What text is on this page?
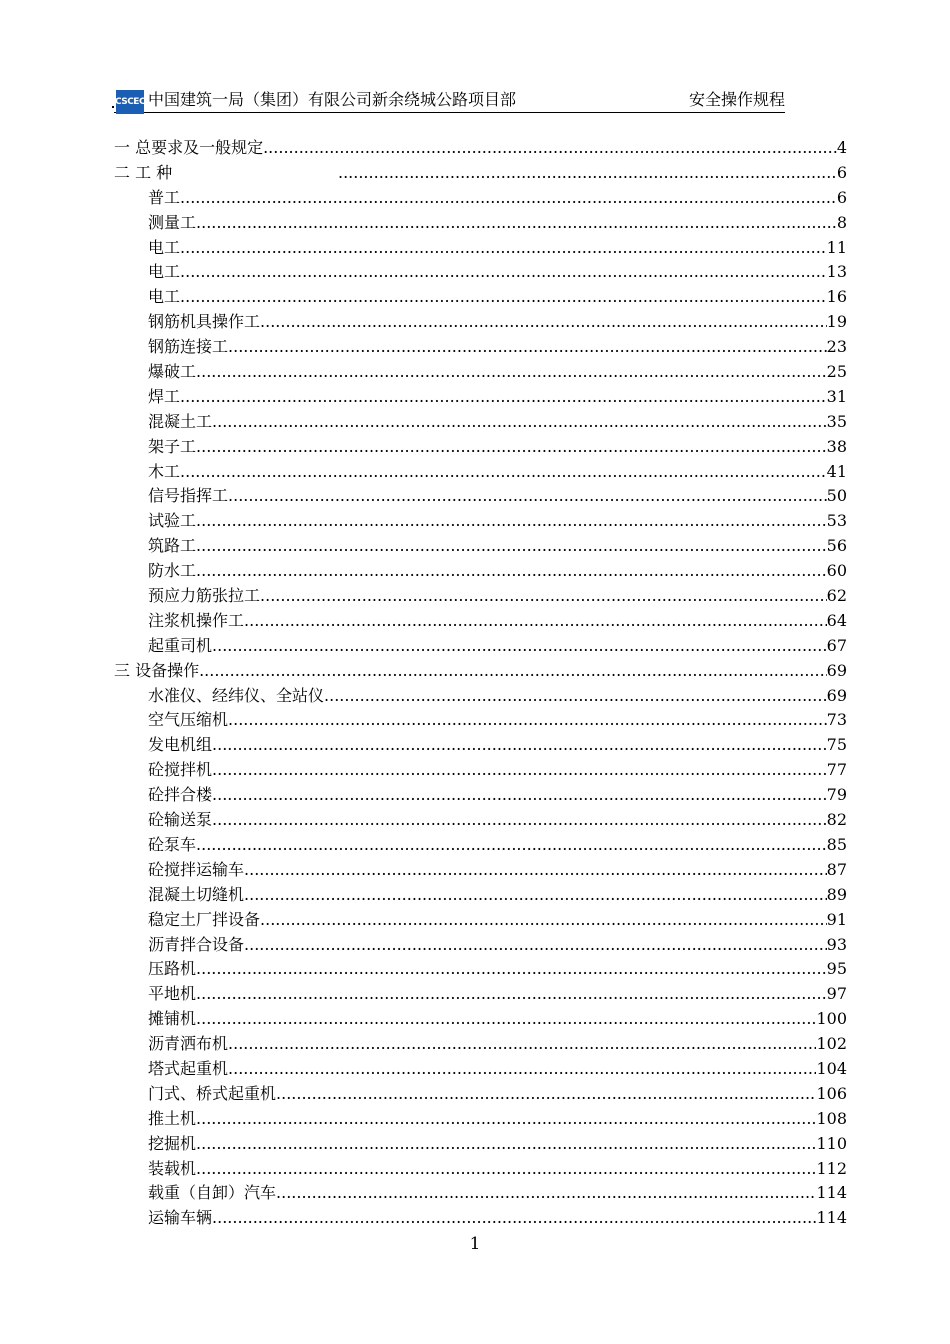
CSCEC 中国建筑一局（集团）有限公司新余绕城公路项目部	安全操作规程
一 总要求及一般规定 .....	4
二 工 种 .....	6
普工 .....	6
测量工 .....	8
电工 .....	11
电工 .....	13
电工 .....	16
钢筋机具操作工 .....	19
钢筋连接工 .....	23
爆破工 .....	25
焊工 .....	31
混凝土工 .....	35
架子工 .....	38
木工 .....	41
信号指挥工 .....	50
试验工 .....	53
筑路工 .....	56
防水工 .....	60
预应力筋张拉工 .....	62
注浆机操作工 .....	64
起重司机 .....	67
三 设备操作 .....	69
水准仪、经纬仪、全站仪 .....	69
空气压缩机 .....	73
发电机组 .....	75
砼搅拌机 .....	77
砼拌合楼 .....	79
砼输送泵 .....	82
砼泵车 .....	85
砼搅拌运输车 .....	87
混凝土切缝机 .....	89
稳定土厂拌设备 .....	91
沥青拌合设备 .....	93
压路机 .....	95
平地机 .....	97
摊铺机 .....	100
沥青洒布机 .....	102
塔式起重机 .....	104
门式、桥式起重机 .....	106
推土机 .....	108
挖掘机 .....	110
装载机 .....	112
载重（自卸）汽车 .....	114
运输车辆 .....	114
1
